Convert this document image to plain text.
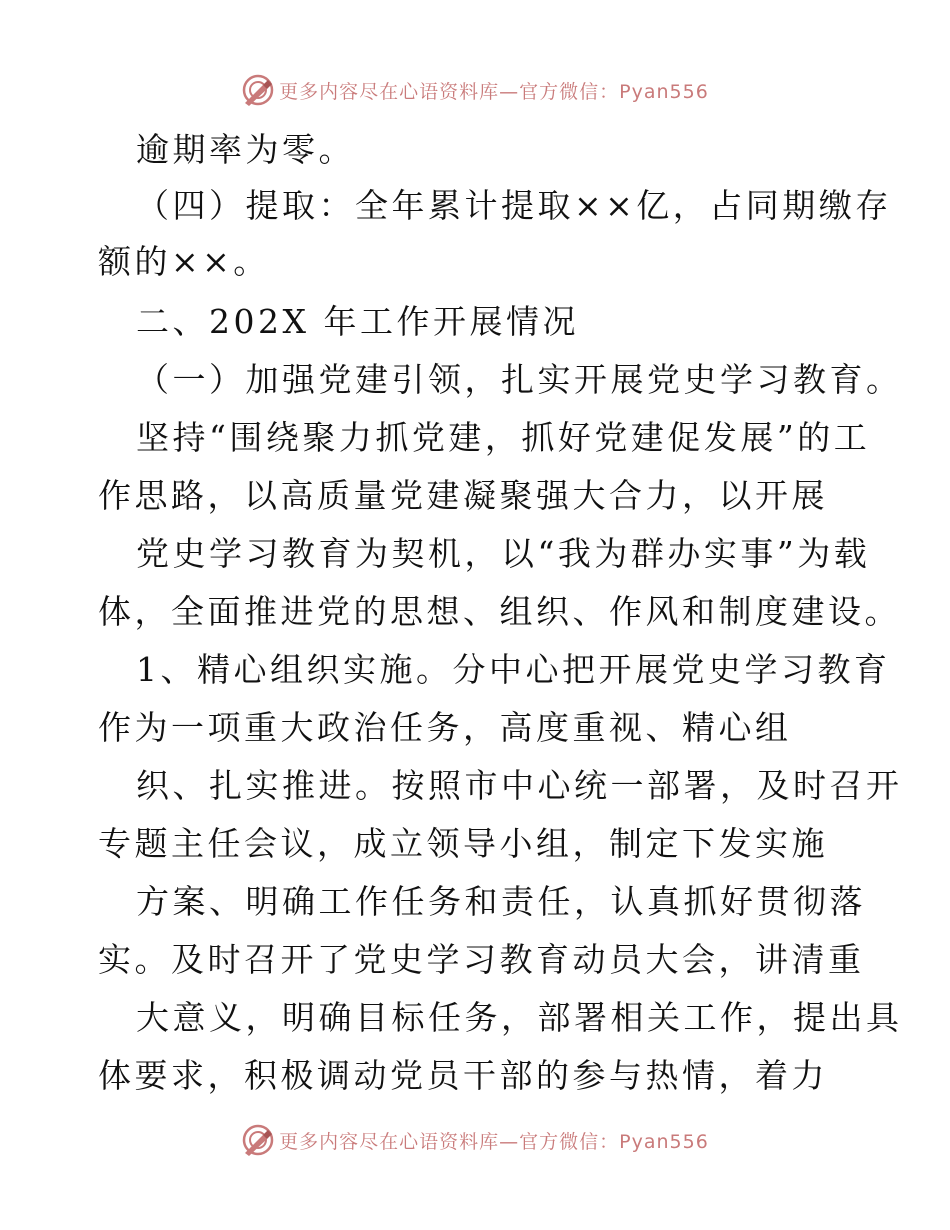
更多内容尽在心语资料库—官方微信：Pyan556
逾期率为零。
（四）提取：全年累计提取××亿，占同期缴存
额的××。
二、202X 年工作开展情况
（一）加强党建引领，扎实开展党史学习教育。
坚持“围绕聚力抓党建，抓好党建促发展”的工
作思路，以高质量党建凝聚强大合力，以开展
党史学习教育为契机，以“我为群办实事”为载
体，全面推进党的思想、组织、作风和制度建设。
1、精心组织实施。分中心把开展党史学习教育
作为一项重大政治任务，高度重视、精心组
织、扎实推进。按照市中心统一部署，及时召开
专题主任会议，成立领导小组，制定下发实施
方案、明确工作任务和责任，认真抓好贯彻落
实。及时召开了党史学习教育动员大会，讲清重
大意义，明确目标任务，部署相关工作，提出具
体要求，积极调动党员干部的参与热情，着力
更多内容尽在心语资料库—官方微信：Pyan556
